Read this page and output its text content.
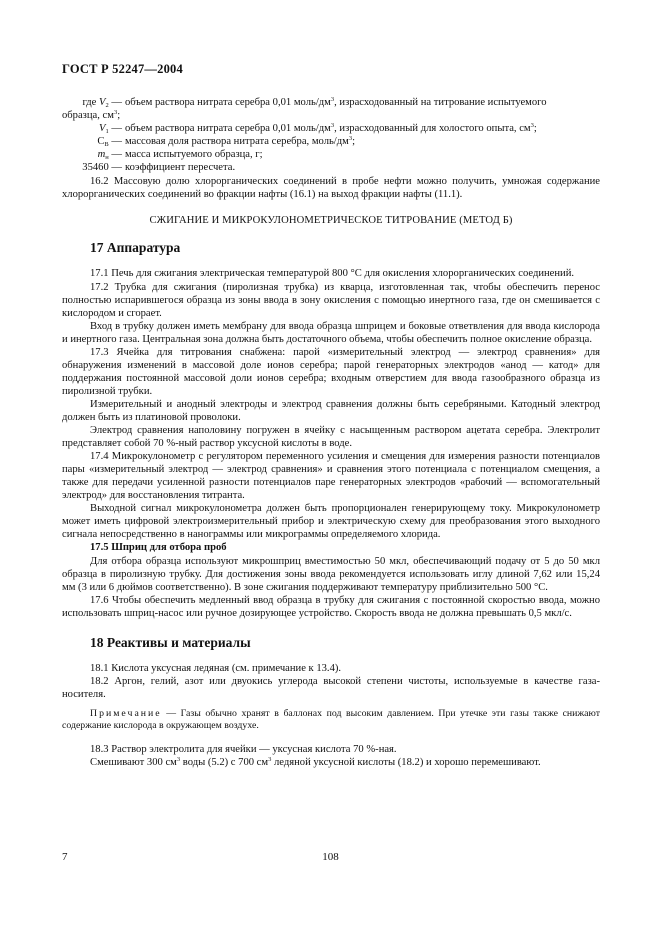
ГОСТ Р 52247—2004
где $V_2$ — объем раствора нитрата серебра 0,01 моль/$дм^3$, израсходованный на титрование испытуемого
образца, $см^3$;
$V_1$ — объем раствора нитрата серебра 0,01 моль/$дм^3$, израсходованный для холостого опыта, $см^3$;
$С_В$ — массовая доля раствора нитрата серебра, моль/$дм^3$;
$m_н$ — масса испытуемого образца, г;
35460 — коэффициент пересчета.

16.2 Массовую долю хлорорганических соединений в пробе нефти можно получить, умножая содержание хлорорганических соединений во фракции нафты (16.1) на выход фракции нафты (11.1).

СЖИГАНИЕ И МИКРОКУЛОНОМЕТРИЧЕСКОЕ ТИТРОВАНИЕ (МЕТОД Б)
17 Аппаратура

17.1 Печь для сжигания электрическая температурой 800 °С для окисления хлорорганических соединений.

17.2 Трубка для сжигания (пиролизная трубка) из кварца, изготовленная так, чтобы обеспечить перенос полностью испарившегося образца из зоны ввода в зону окисления с помощью инертного газа, где он смешивается с кислородом и сгорает.

Вход в трубку должен иметь мембрану для ввода образца шприцем и боковые ответвления для ввода кислорода и инертного газа. Центральная зона должна быть достаточного объема, чтобы обеспечить полное окисление образца.

17.3 Ячейка для титрования снабжена: парой «измерительный электрод — электрод сравнения» для обнаружения изменений в массовой доле ионов серебра; парой генераторных электродов «анод — катод» для поддержания постоянной массовой доли ионов серебра; входным отверстием для ввода газообразного образца из пиролизной трубки.

Измерительный и анодный электроды и электрод сравнения должны быть серебряными. Катодный электрод должен быть из платиновой проволоки.

Электрод сравнения наполовину погружен в ячейку с насыщенным раствором ацетата серебра. Электролит представляет собой 70 %-ный раствор уксусной кислоты в воде.

17.4 Микрокулонометр с регулятором переменного усиления и смещения для измерения разности потенциалов пары «измерительный электрод — электрод сравнения» и сравнения этого потенциала с потенциалом смещения, а также для передачи усиленной разности потенциалов паре генераторных электродов «рабочий — вспомогательный электрод» для восстановления титранта.

Выходной сигнал микрокулонометра должен быть пропорционален генерирующему току. Микрокулонометр может иметь цифровой электроизмерительный прибор и электрическую схему для преобразования этого выходного сигнала непосредственно в нанограммы или микрограммы определяемого хлорида.

17.5 Шприц для отбора проб

Для отбора образца используют микрошприц вместимостью 50 мкл, обеспечивающий подачу от 5 до 50 мкл образца в пиролизную трубку. Для достижения зоны ввода рекомендуется использовать иглу длиной 7,62 или 15,24 мм (3 или 6 дюймов соответственно). В зоне сжигания поддерживают температуру приблизительно 500 °С.

17.6 Чтобы обеспечить медленный ввод образца в трубку для сжигания с постоянной скоростью ввода, можно использовать шприц-насос или ручное дозирующее устройство. Скорость ввода не должна превышать 0,5 мкл/с.

18 Реактивы и материалы

18.1 Кислота уксусная ледяная (см. примечание к 13.4).

18.2 Аргон, гелий, азот или двуокись углерода высокой степени чистоты, используемые в качестве газа-носителя.

Примечание — Газы обычно хранят в баллонах под высоким давлением. При утечке эти газы также снижают содержание кислорода в окружающем воздухе.

18.3 Раствор электролита для ячейки — уксусная кислота 70 %-ная.

Смешивают 300 $см^3$ воды (5.2) с 700 $см^3$ ледяной уксусной кислоты (18.2) и хорошо перемешивают.

7	108
